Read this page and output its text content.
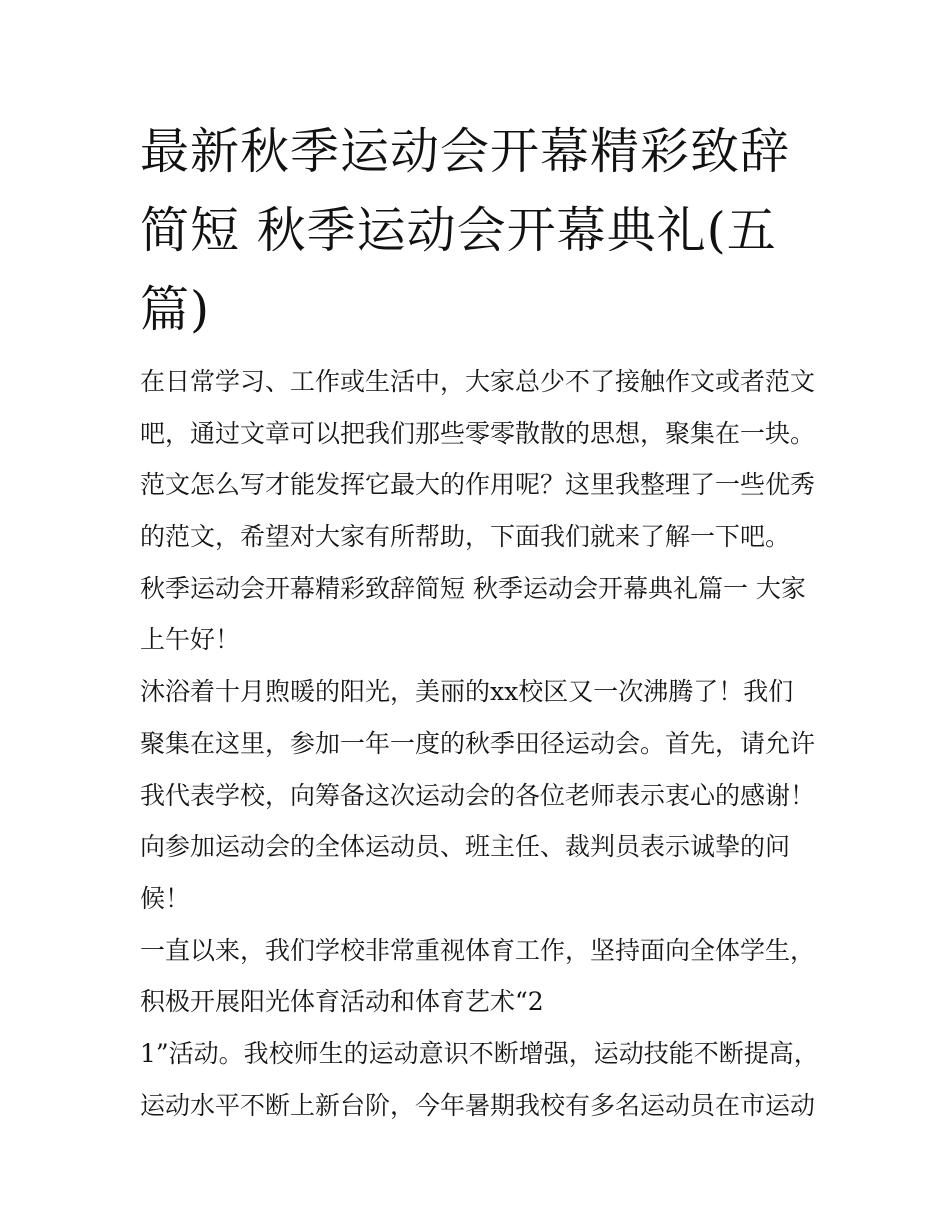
最新秋季运动会开幕精彩致辞
简短 秋季运动会开幕典礼(五
篇)
在日常学习、工作或生活中，大家总少不了接触作文或者范文
吧，通过文章可以把我们那些零零散散的思想，聚集在一块。
范文怎么写才能发挥它最大的作用呢？这里我整理了一些优秀
的范文，希望对大家有所帮助，下面我们就来了解一下吧。
秋季运动会开幕精彩致辞简短 秋季运动会开幕典礼篇一 大家
上午好！
沐浴着十月煦暖的阳光，美丽的xx校区又一次沸腾了！我们
聚集在这里，参加一年一度的秋季田径运动会。首先，请允许
我代表学校，向筹备这次运动会的各位老师表示衷心的感谢！
向参加运动会的全体运动员、班主任、裁判员表示诚挚的问
候！
一直以来，我们学校非常重视体育工作，坚持面向全体学生，
积极开展阳光体育活动和体育艺术“2
1”活动。我校师生的运动意识不断增强，运动技能不断提高，
运动水平不断上新台阶，今年暑期我校有多名运动员在市运动
